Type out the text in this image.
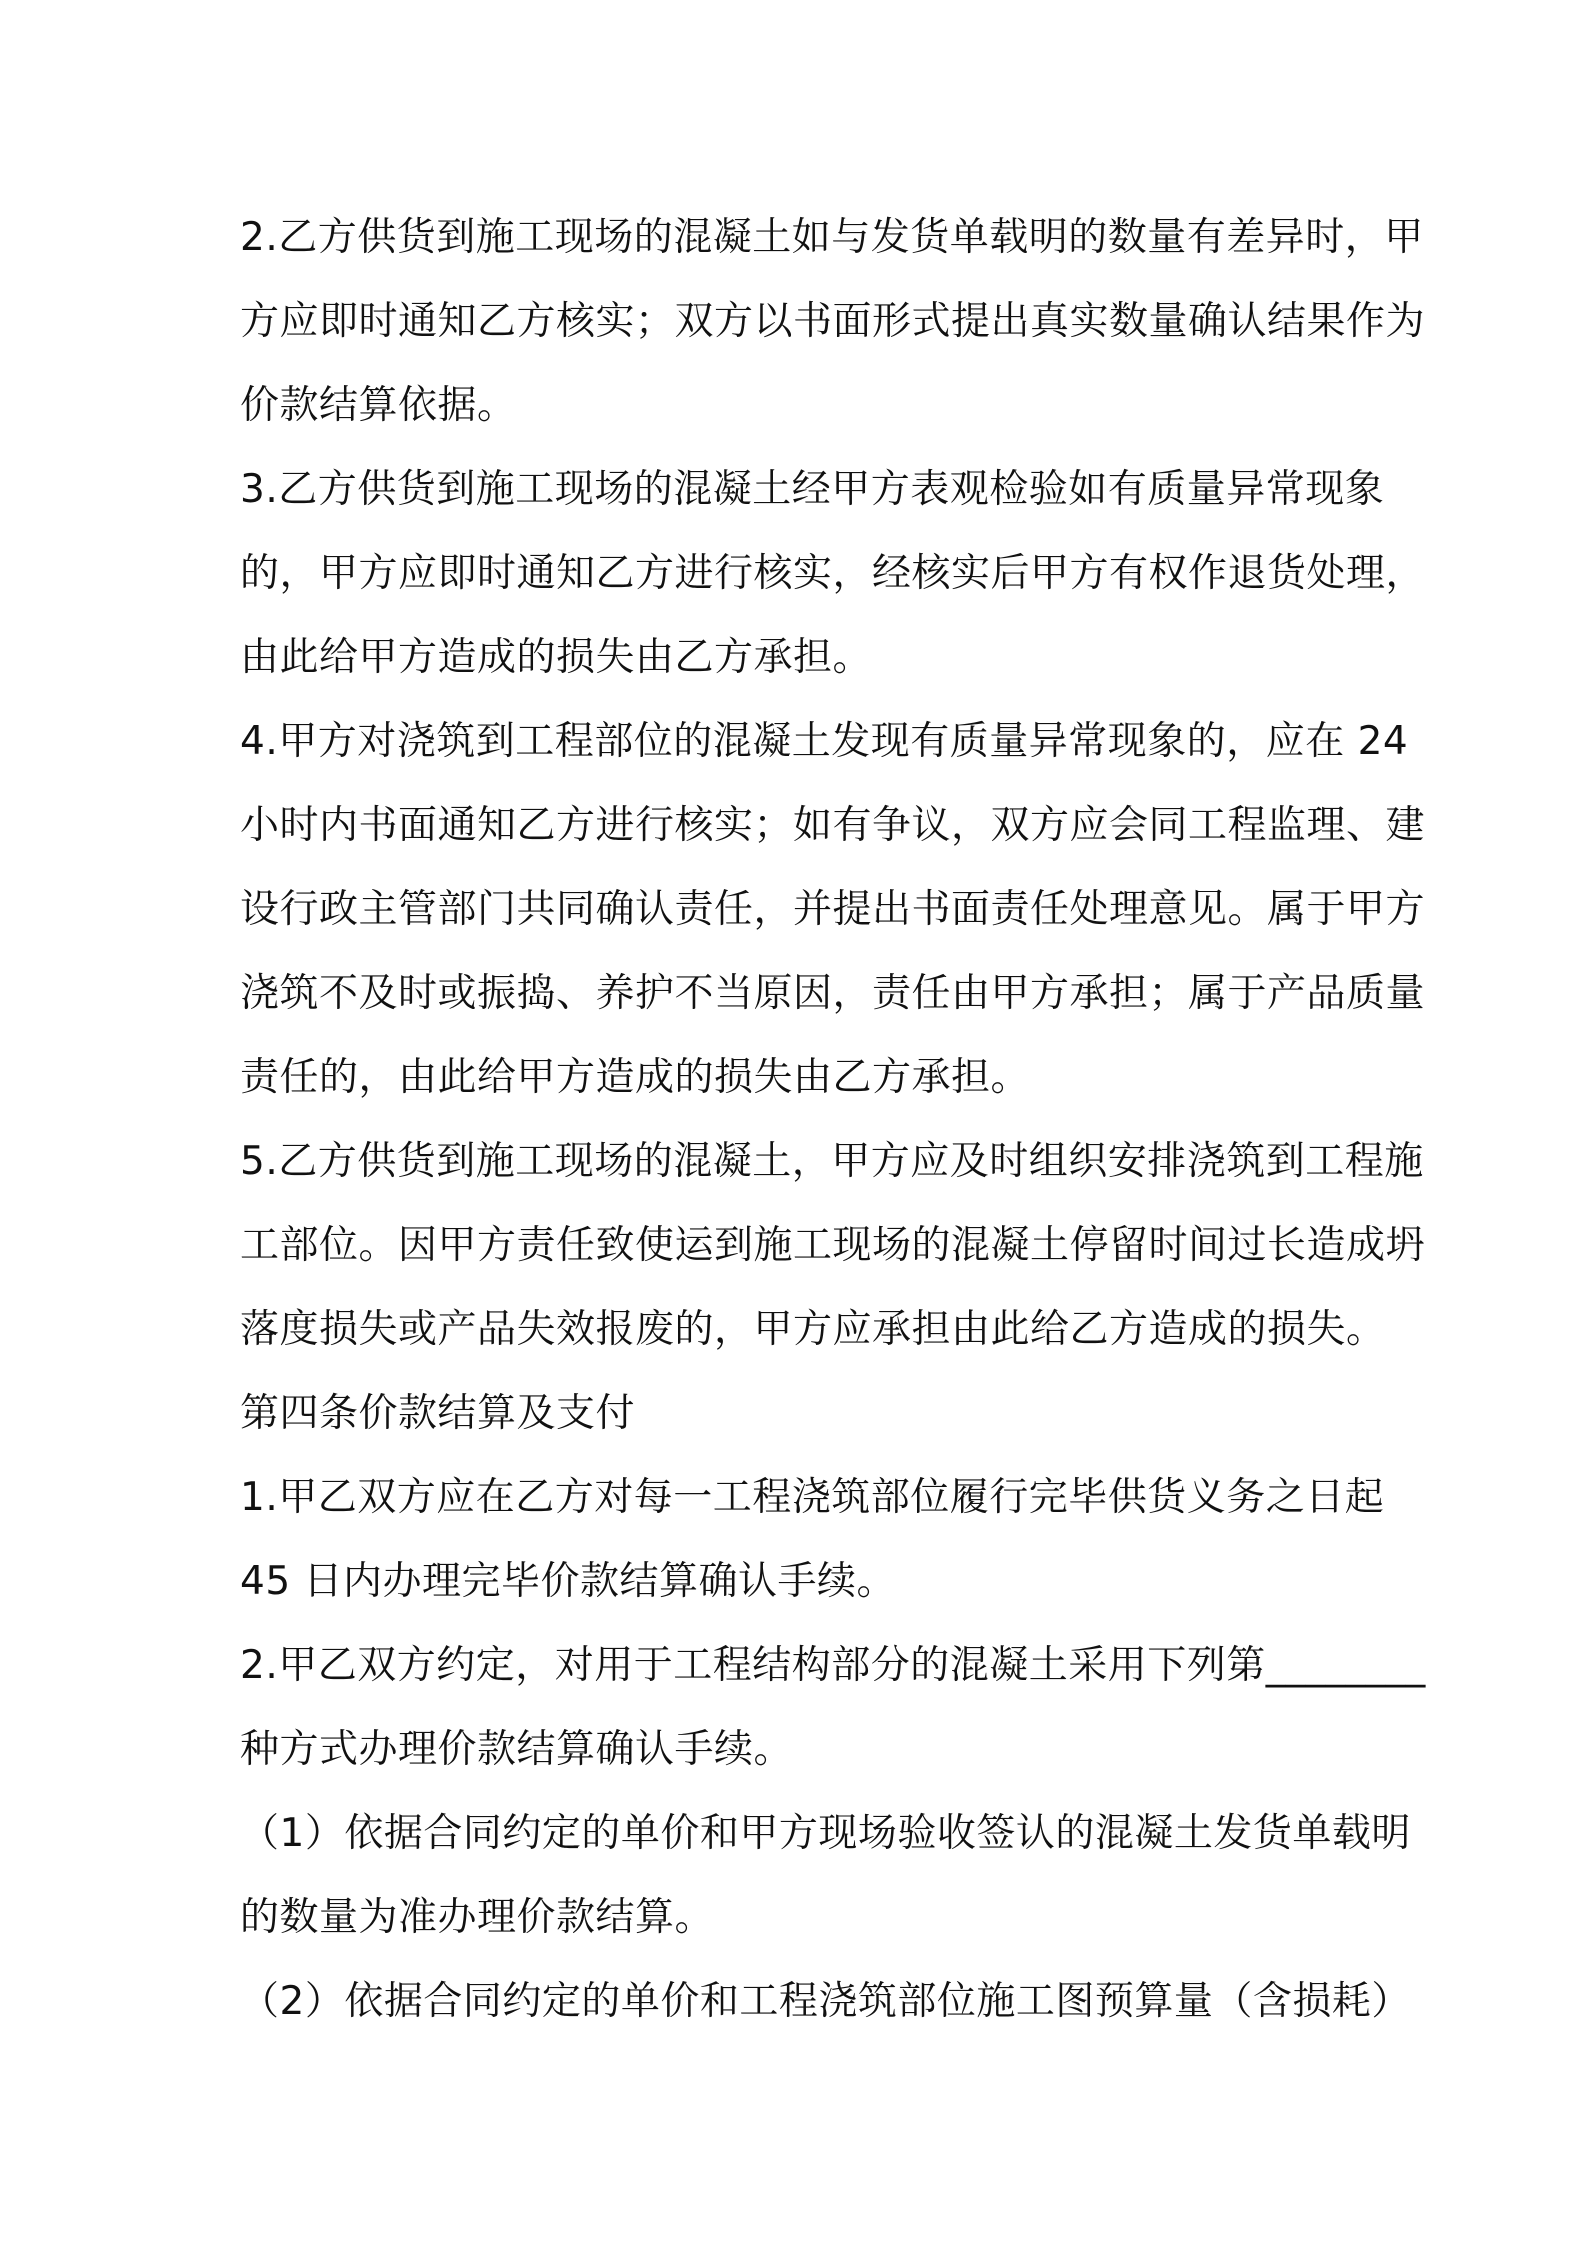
2.乙方供货到施工现场的混凝土如与发货单载明的数量有差异时，甲
方应即时通知乙方核实；双方以书面形式提出真实数量确认结果作为
价款结算依据。
3.乙方供货到施工现场的混凝土经甲方表观检验如有质量异常现象
的，甲方应即时通知乙方进行核实，经核实后甲方有权作退货处理，
由此给甲方造成的损失由乙方承担。
4.甲方对浇筑到工程部位的混凝土发现有质量异常现象的，应在 24
小时内书面通知乙方进行核实；如有争议，双方应会同工程监理、建
设行政主管部门共同确认责任，并提出书面责任处理意见。属于甲方
浇筑不及时或振捣、养护不当原因，责任由甲方承担；属于产品质量
责任的，由此给甲方造成的损失由乙方承担。
5.乙方供货到施工现场的混凝土，甲方应及时组织安排浇筑到工程施
工部位。因甲方责任致使运到施工现场的混凝土停留时间过长造成坍
落度损失或产品失效报废的，甲方应承担由此给乙方造成的损失。
第四条价款结算及支付
1.甲乙双方应在乙方对每一工程浇筑部位履行完毕供货义务之日起
45 日内办理完毕价款结算确认手续。
2.甲乙双方约定，对用于工程结构部分的混凝土采用下列第________
种方式办理价款结算确认手续。
（1）依据合同约定的单价和甲方现场验收签认的混凝土发货单载明
的数量为准办理价款结算。
（2）依据合同约定的单价和工程浇筑部位施工图预算量（含损耗）
